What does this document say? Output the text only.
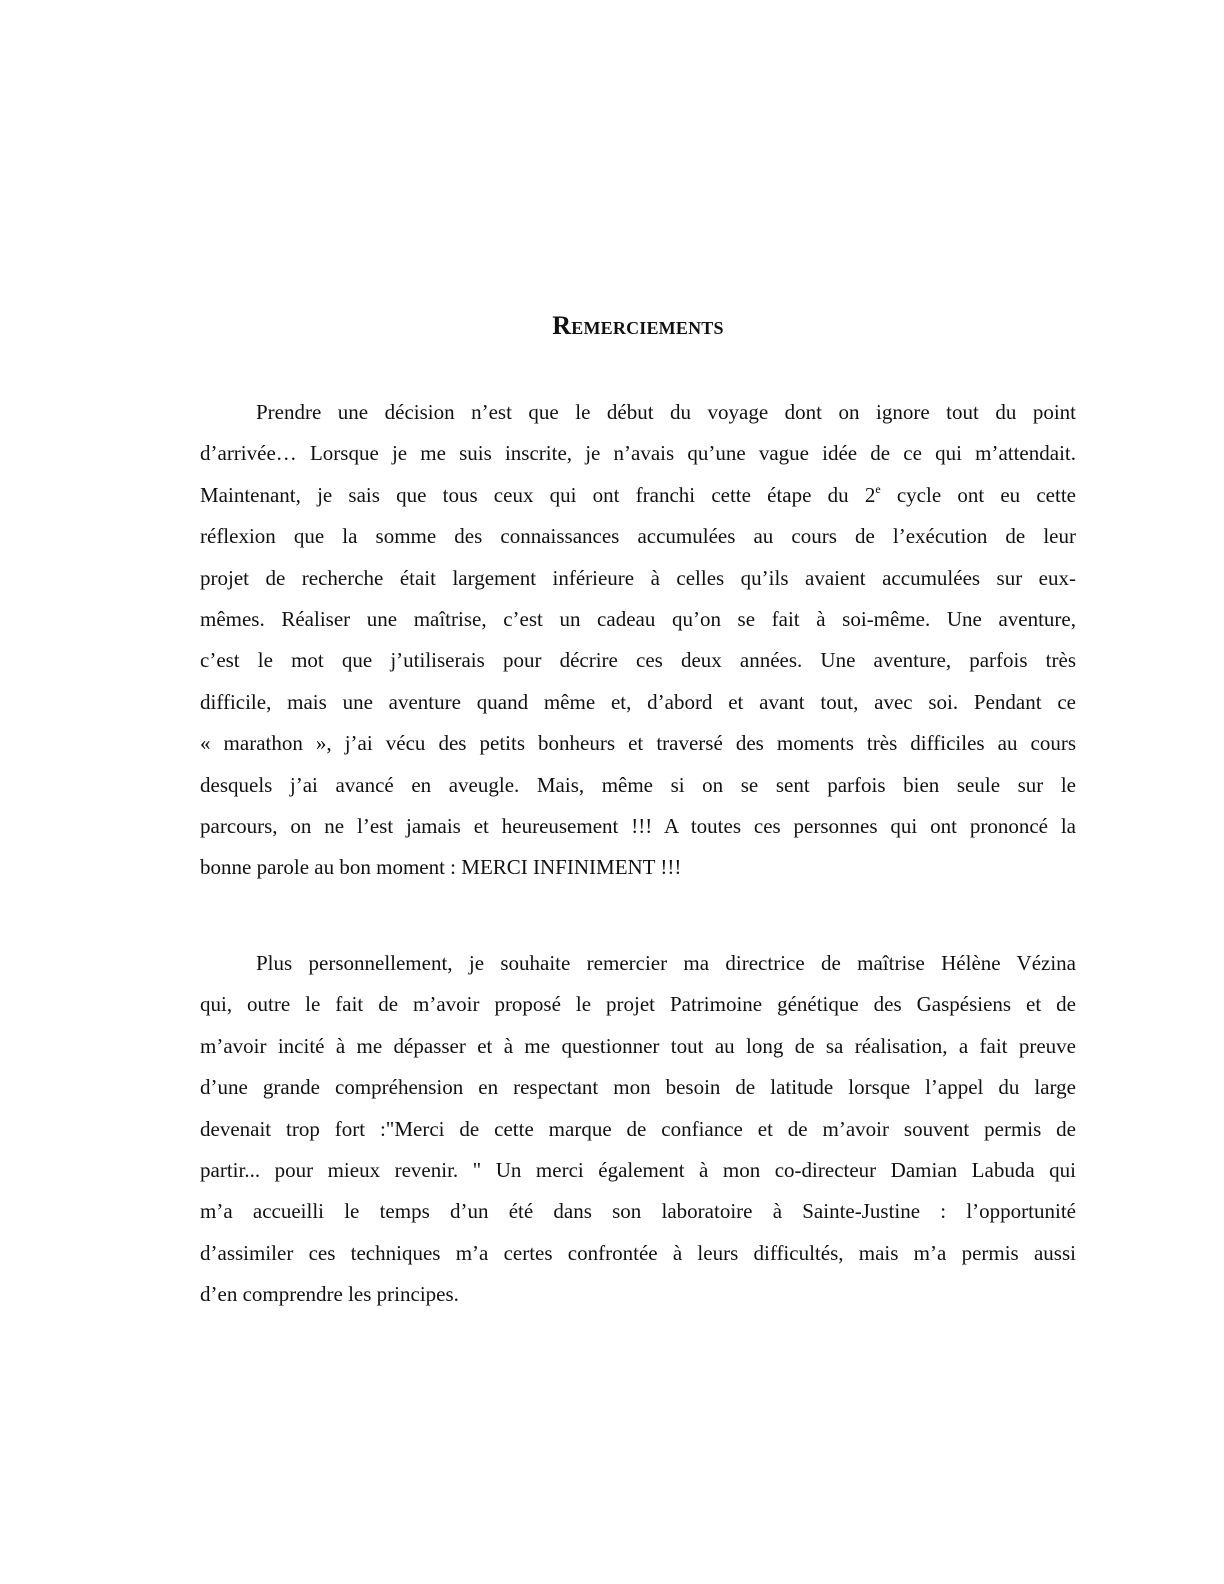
Remerciements
Prendre une décision n’est que le début du voyage dont on ignore tout du point
d’arrivée… Lorsque je me suis inscrite, je n’avais qu’une vague idée de ce qui m’attendait.
Maintenant, je sais que tous ceux qui ont franchi cette étape du 2e cycle ont eu cette
réflexion que la somme des connaissances accumulées au cours de l’exécution de leur
projet de recherche était largement inférieure à celles qu’ils avaient accumulées sur eux-
mêmes. Réaliser une maîtrise, c’est un cadeau qu’on se fait à soi-même. Une aventure,
c’est le mot que j’utiliserais pour décrire ces deux années. Une aventure, parfois très
difficile, mais une aventure quand même et, d’abord et avant tout, avec soi. Pendant ce
« marathon », j’ai vécu des petits bonheurs et traversé des moments très difficiles au cours
desquels j’ai avancé en aveugle. Mais, même si on se sent parfois bien seule sur le
parcours, on ne l’est jamais et heureusement !!! A toutes ces personnes qui ont prononcé la
bonne parole au bon moment : MERCI INFINIMENT !!!
Plus personnellement, je souhaite remercier ma directrice de maîtrise Hélène Vézina
qui, outre le fait de m’avoir proposé le projet Patrimoine génétique des Gaspésiens et de
m’avoir incité à me dépasser et à me questionner tout au long de sa réalisation, a fait preuve
d’une grande compréhension en respectant mon besoin de latitude lorsque l’appel du large
devenait trop fort :"Merci de cette marque de confiance et de m’avoir souvent permis de
partir... pour mieux revenir. " Un merci également à mon co-directeur Damian Labuda qui
m’a accueilli le temps d’un été dans son laboratoire à Sainte-Justine : l’opportunité
d’assimiler ces techniques m’a certes confrontée à leurs difficultés, mais m’a permis aussi
d’en comprendre les principes.
